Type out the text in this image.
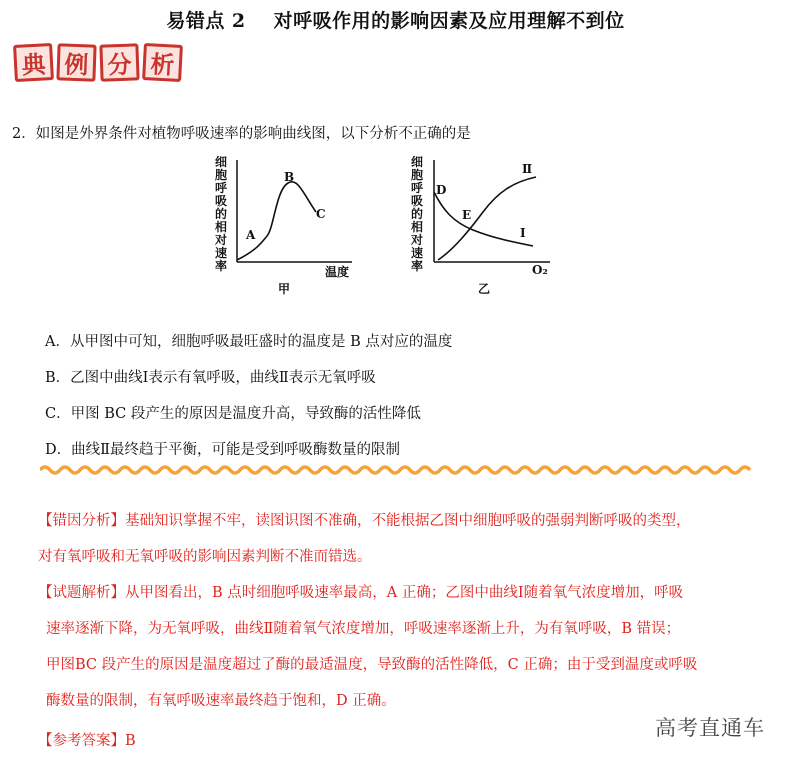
易错点 2 对呼吸作用的影响因素及应用理解不到位
典 例 分 析
2．如图是外界条件对植物呼吸速率的影响曲线图，以下分析不正确的是
细胞呼吸的相对速率
A
B
C
温度
甲
细胞呼吸的相对速率
D
E
Ⅱ
Ⅰ
O₂
乙
A．从甲图中可知，细胞呼吸最旺盛时的温度是 B 点对应的温度
B．乙图中曲线Ⅰ表示有氧呼吸，曲线Ⅱ表示无氧呼吸
C．甲图 BC 段产生的原因是温度升高，导致酶的活性降低
D．曲线Ⅱ最终趋于平衡，可能是受到呼吸酶数量的限制
【错因分析】基础知识掌握不牢，读图识图不准确，不能根据乙图中细胞呼吸的强弱判断呼吸的类型，
对有氧呼吸和无氧呼吸的影响因素判断不准而错选。
【试题解析】从甲图看出，B 点时细胞呼吸速率最高，A 正确；乙图中曲线Ⅰ随着氧气浓度增加，呼吸
速率逐渐下降，为无氧呼吸，曲线Ⅱ随着氧气浓度增加，呼吸速率逐渐上升，为有氧呼吸，B 错误；
甲图BC 段产生的原因是温度超过了酶的最适温度，导致酶的活性降低，C 正确；由于受到温度或呼吸
酶数量的限制，有氧呼吸速率最终趋于饱和，D 正确。
【参考答案】B
高考直通车
